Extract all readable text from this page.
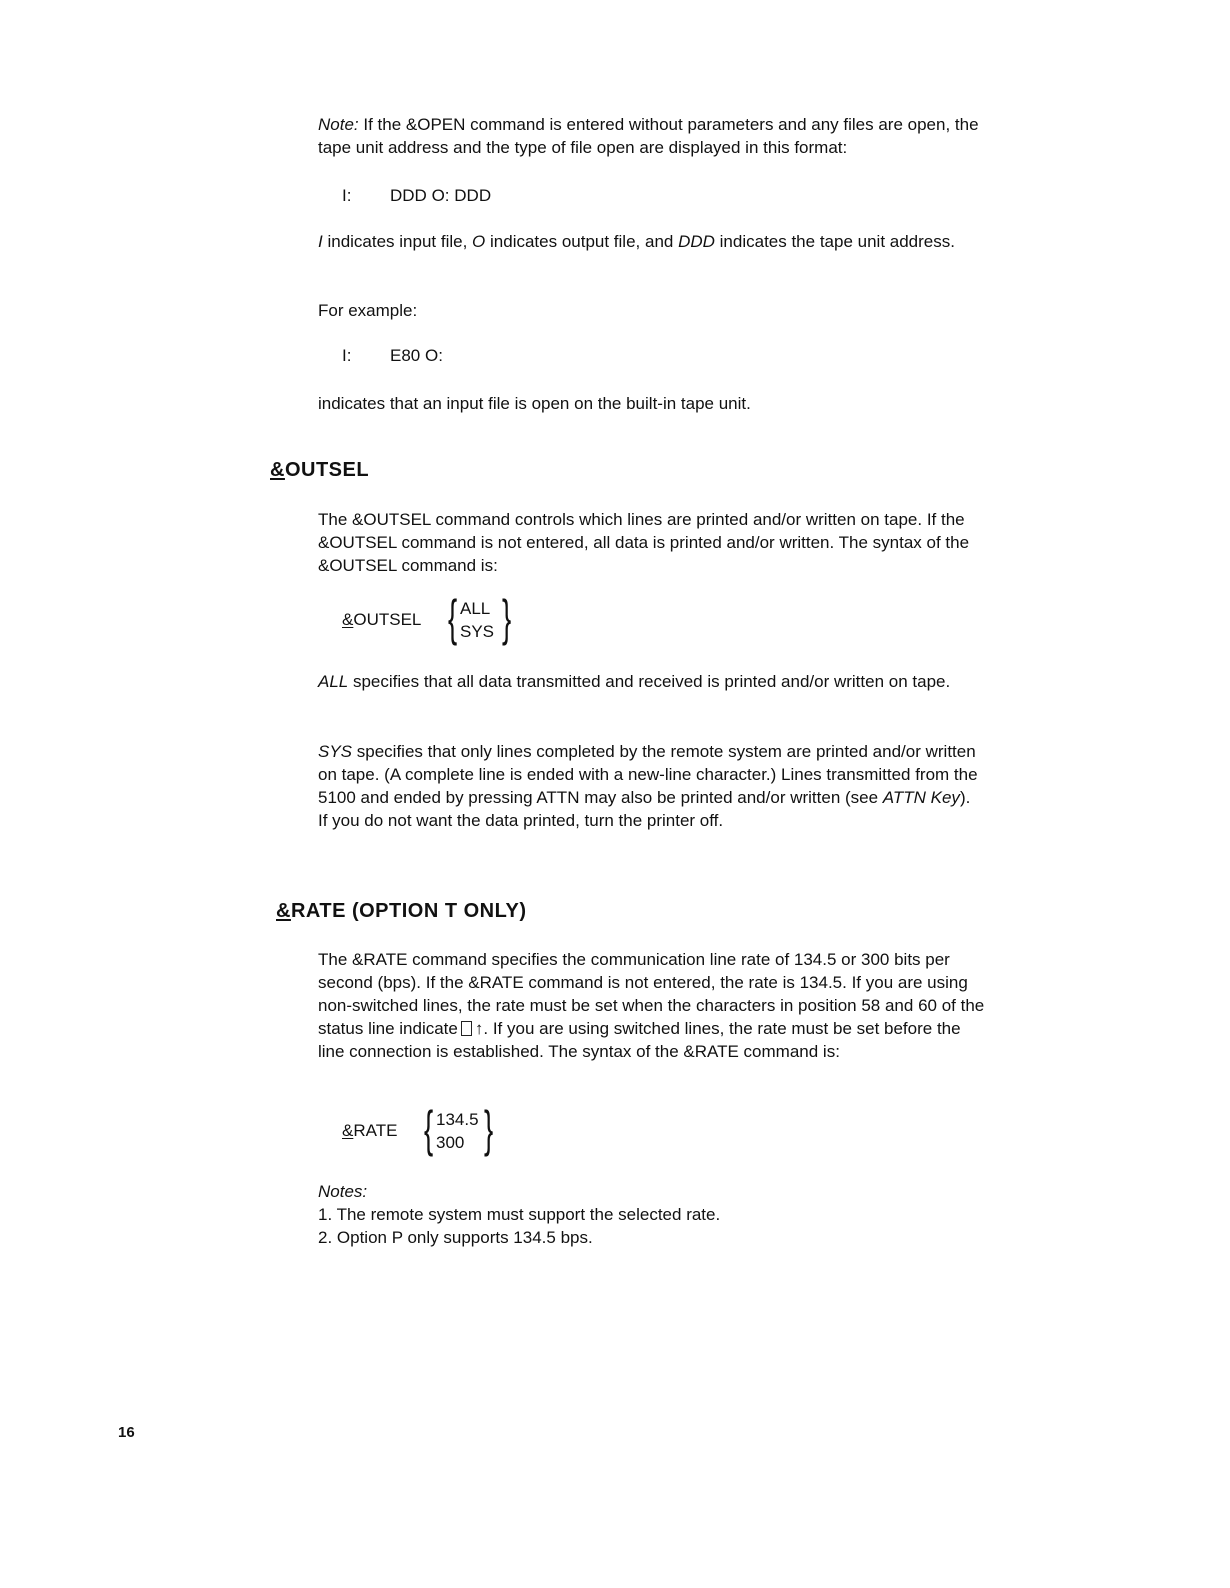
Note: If the &OPEN command is entered without parameters and any files are open, the tape unit address and the type of file open are displayed in this format:

I: DDD O: DDD

I indicates input file, O indicates output file, and DDD indicates the tape unit address.

For example:

I: E80 O:

indicates that an input file is open on the built-in tape unit.

&OUTSEL

The &OUTSEL command controls which lines are printed and/or written on tape. If the &OUTSEL command is not entered, all data is printed and/or written. The syntax of the &OUTSEL command is:

&OUTSEL { ALL
SYS }

ALL specifies that all data transmitted and received is printed and/or written on tape.

SYS specifies that only lines completed by the remote system are printed and/or written on tape. (A complete line is ended with a new-line character.) Lines transmitted from the 5100 and ended by pressing ATTN may also be printed and/or written (see ATTN Key). If you do not want the data printed, turn the printer off.

&RATE (OPTION T ONLY)

The &RATE command specifies the communication line rate of 134.5 or 300 bits per second (bps). If the &RATE command is not entered, the rate is 134.5. If you are using non-switched lines, the rate must be set when the characters in position 58 and 60 of the status line indicate ↑. If you are using switched lines, the rate must be set before the line connection is established. The syntax of the &RATE command is:

&RATE { 134.5
300 }

Notes:

1. The remote system must support the selected rate.

2. Option P only supports 134.5 bps.

16
